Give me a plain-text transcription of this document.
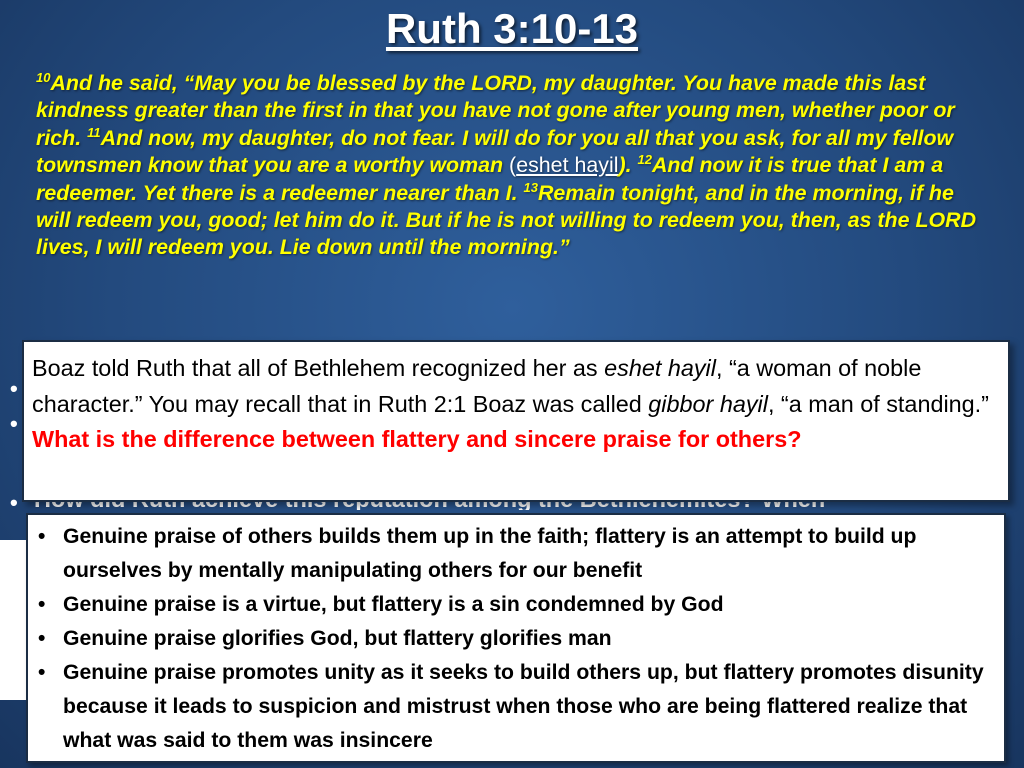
Ruth 3:10-13
$^{10}$And he said, “May you be blessed by the LORD, my daughter. You have made this last kindness greater than the first in that you have not gone after young men, whether poor or rich. $^{11}$And now, my daughter, do not fear. I will do for you all that you ask, for all my fellow townsmen know that you are a worthy woman (eshet hayil). $^{12}$And now it is true that I am a redeemer. Yet there is a redeemer nearer than I. $^{13}$Remain tonight, and in the morning, if he will redeem you, good; let him do it. But if he is not willing to redeem you, then, as the LORD lives, I will redeem you. Lie down until the morning.”
•
•
•
Boaz told Ruth that all of Bethlehem recognized her as eshet hayil, “a woman of noble character.” You may recall that in Ruth 2:1 Boaz was called gibbor hayil, “a man of standing.” What is the difference between flattery and sincere praise for others?
• Genuine praise of others builds them up in the faith; flattery is an attempt to build up ourselves by mentally manipulating others for our benefit
• Genuine praise is a virtue, but flattery is a sin condemned by God
• Genuine praise glorifies God, but flattery glorifies man
• Genuine praise promotes unity as it seeks to build others up, but flattery promotes disunity because it leads to suspicion and mistrust when those who are being flattered realize that what was said to them was insincere
